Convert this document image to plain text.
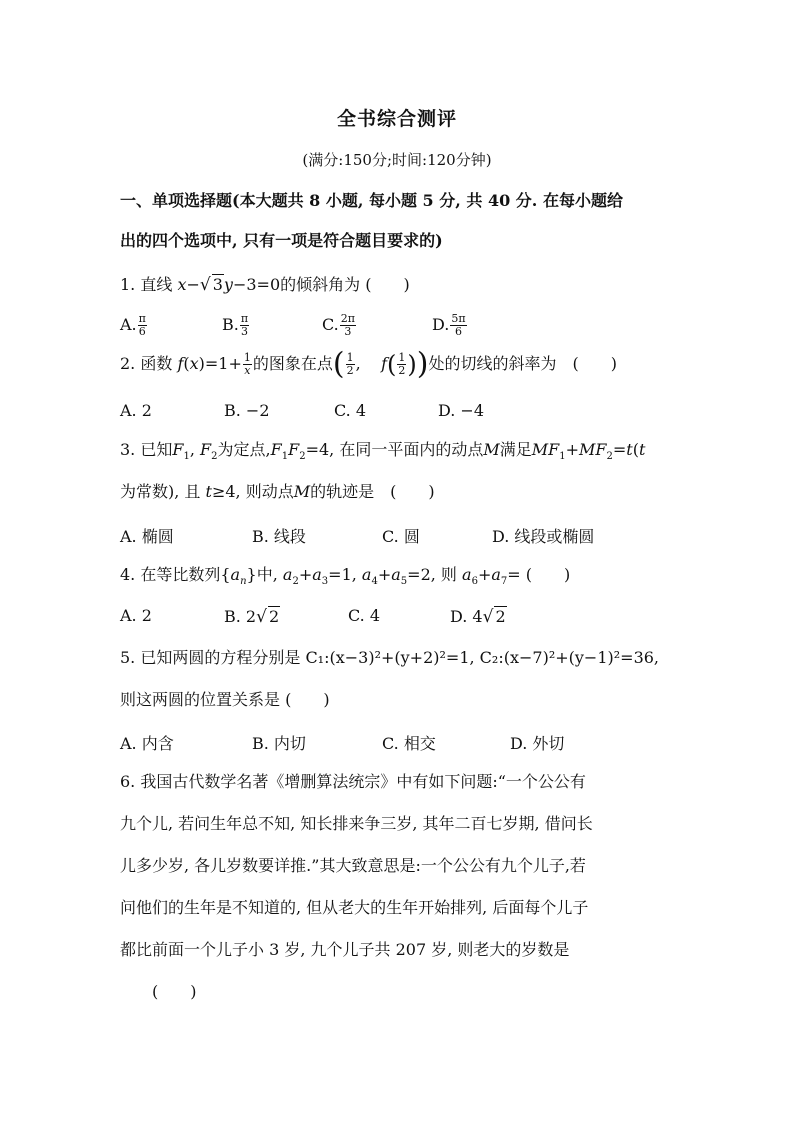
全书综合测评
(满分:150分;时间:120分钟)
一、单项选择题(本大题共 8 小题, 每小题 5 分, 共 40 分. 在每小题给
出的四个选项中, 只有一项是符合题目要求的)
1. 直线 x−√ 3y−3=0的倾斜角为 (　　)
A. $\frac{\pi}{6}$	B. $\frac{\pi}{3}$	C. $\frac{2\pi}{3}$	D. $\frac{5\pi}{6}$
2. 函数 $f(x)=1+ \frac{1}{x}$ 的图象在点( $\frac{1}{2}$ ,    $f( \frac{1}{2}$ ))处的切线的斜率为　(　　)
A. 2	B. −2	C. 4	D. −4
3. 已知$F_1$, $F_2$为定点$,F_1F_2=4$, 在同一平面内的动点M满足$MF_1+MF_2=t(t$
为常数), 且 t≥4, 则动点M的轨迹是　(　　)
A. 椭圆	B. 线段	C. 圆	D. 线段或椭圆
4. 在等比数列$\{a_n\}$中, $a_2+a_3=1$, $a_4+a_5=2$, 则 $a_6+a_7=$ (　　)
A. 2	B. 2√ 2	C. 4	D. 4√ 2
5. 已知两圆的方程分别是 C₁:(x−3)²+(y+2)²=1, C₂:(x−7)²+(y−1)²=36,
则这两圆的位置关系是 (　　)
A. 内含	B. 内切	C. 相交	D. 外切
6. 我国古代数学名著《增删算法统宗》中有如下问题:“一个公公有
九个儿, 若问生年总不知, 知长排来争三岁, 其年二百七岁期, 借问长
儿多少岁, 各儿岁数要详推.”其大致意思是:一个公公有九个儿子,若
问他们的生年是不知道的, 但从老大的生年开始排列, 后面每个儿子
都比前面一个儿子小 3 岁, 九个儿子共 207 岁, 则老大的岁数是
(　　)
